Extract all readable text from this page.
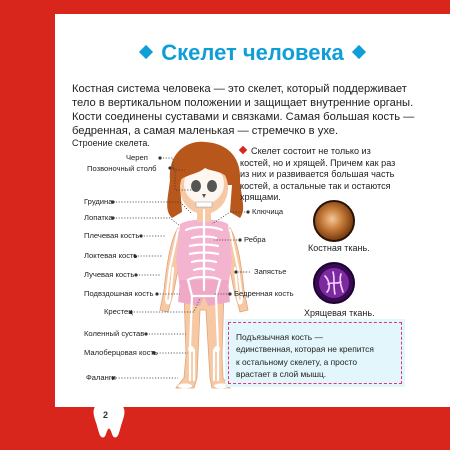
2
Скелет человека

Костная система человека — это скелет, который поддерживает

тело в вертикальном положении и защищает внутренние органы.

Кости соединены суставами и связками. Самая большая кость —

бедренная, а самая маленькая — стремечко в ухе.

Строение скелета.
Череп
Позвоночный столб
Грудина
Лопатка
Плечевая кость
Локтевая кость
Лучевая кость
Подвздошная кость
Крестец
Коленный сустав
Малоберцовая кость
Фаланги
Ключица
Ребра
Запястье
Бедренная кость
Скелет состоит не только из
костей, но и хрящей. Причем как раз
из них и развивается большая часть
костей, а остальные так и остаются
хрящами.
Костная ткань.
Хрящевая ткань.
Подъязычная кость —
единственная, которая не крепится
к остальному скелету, а просто
врастает в слой мышц.
